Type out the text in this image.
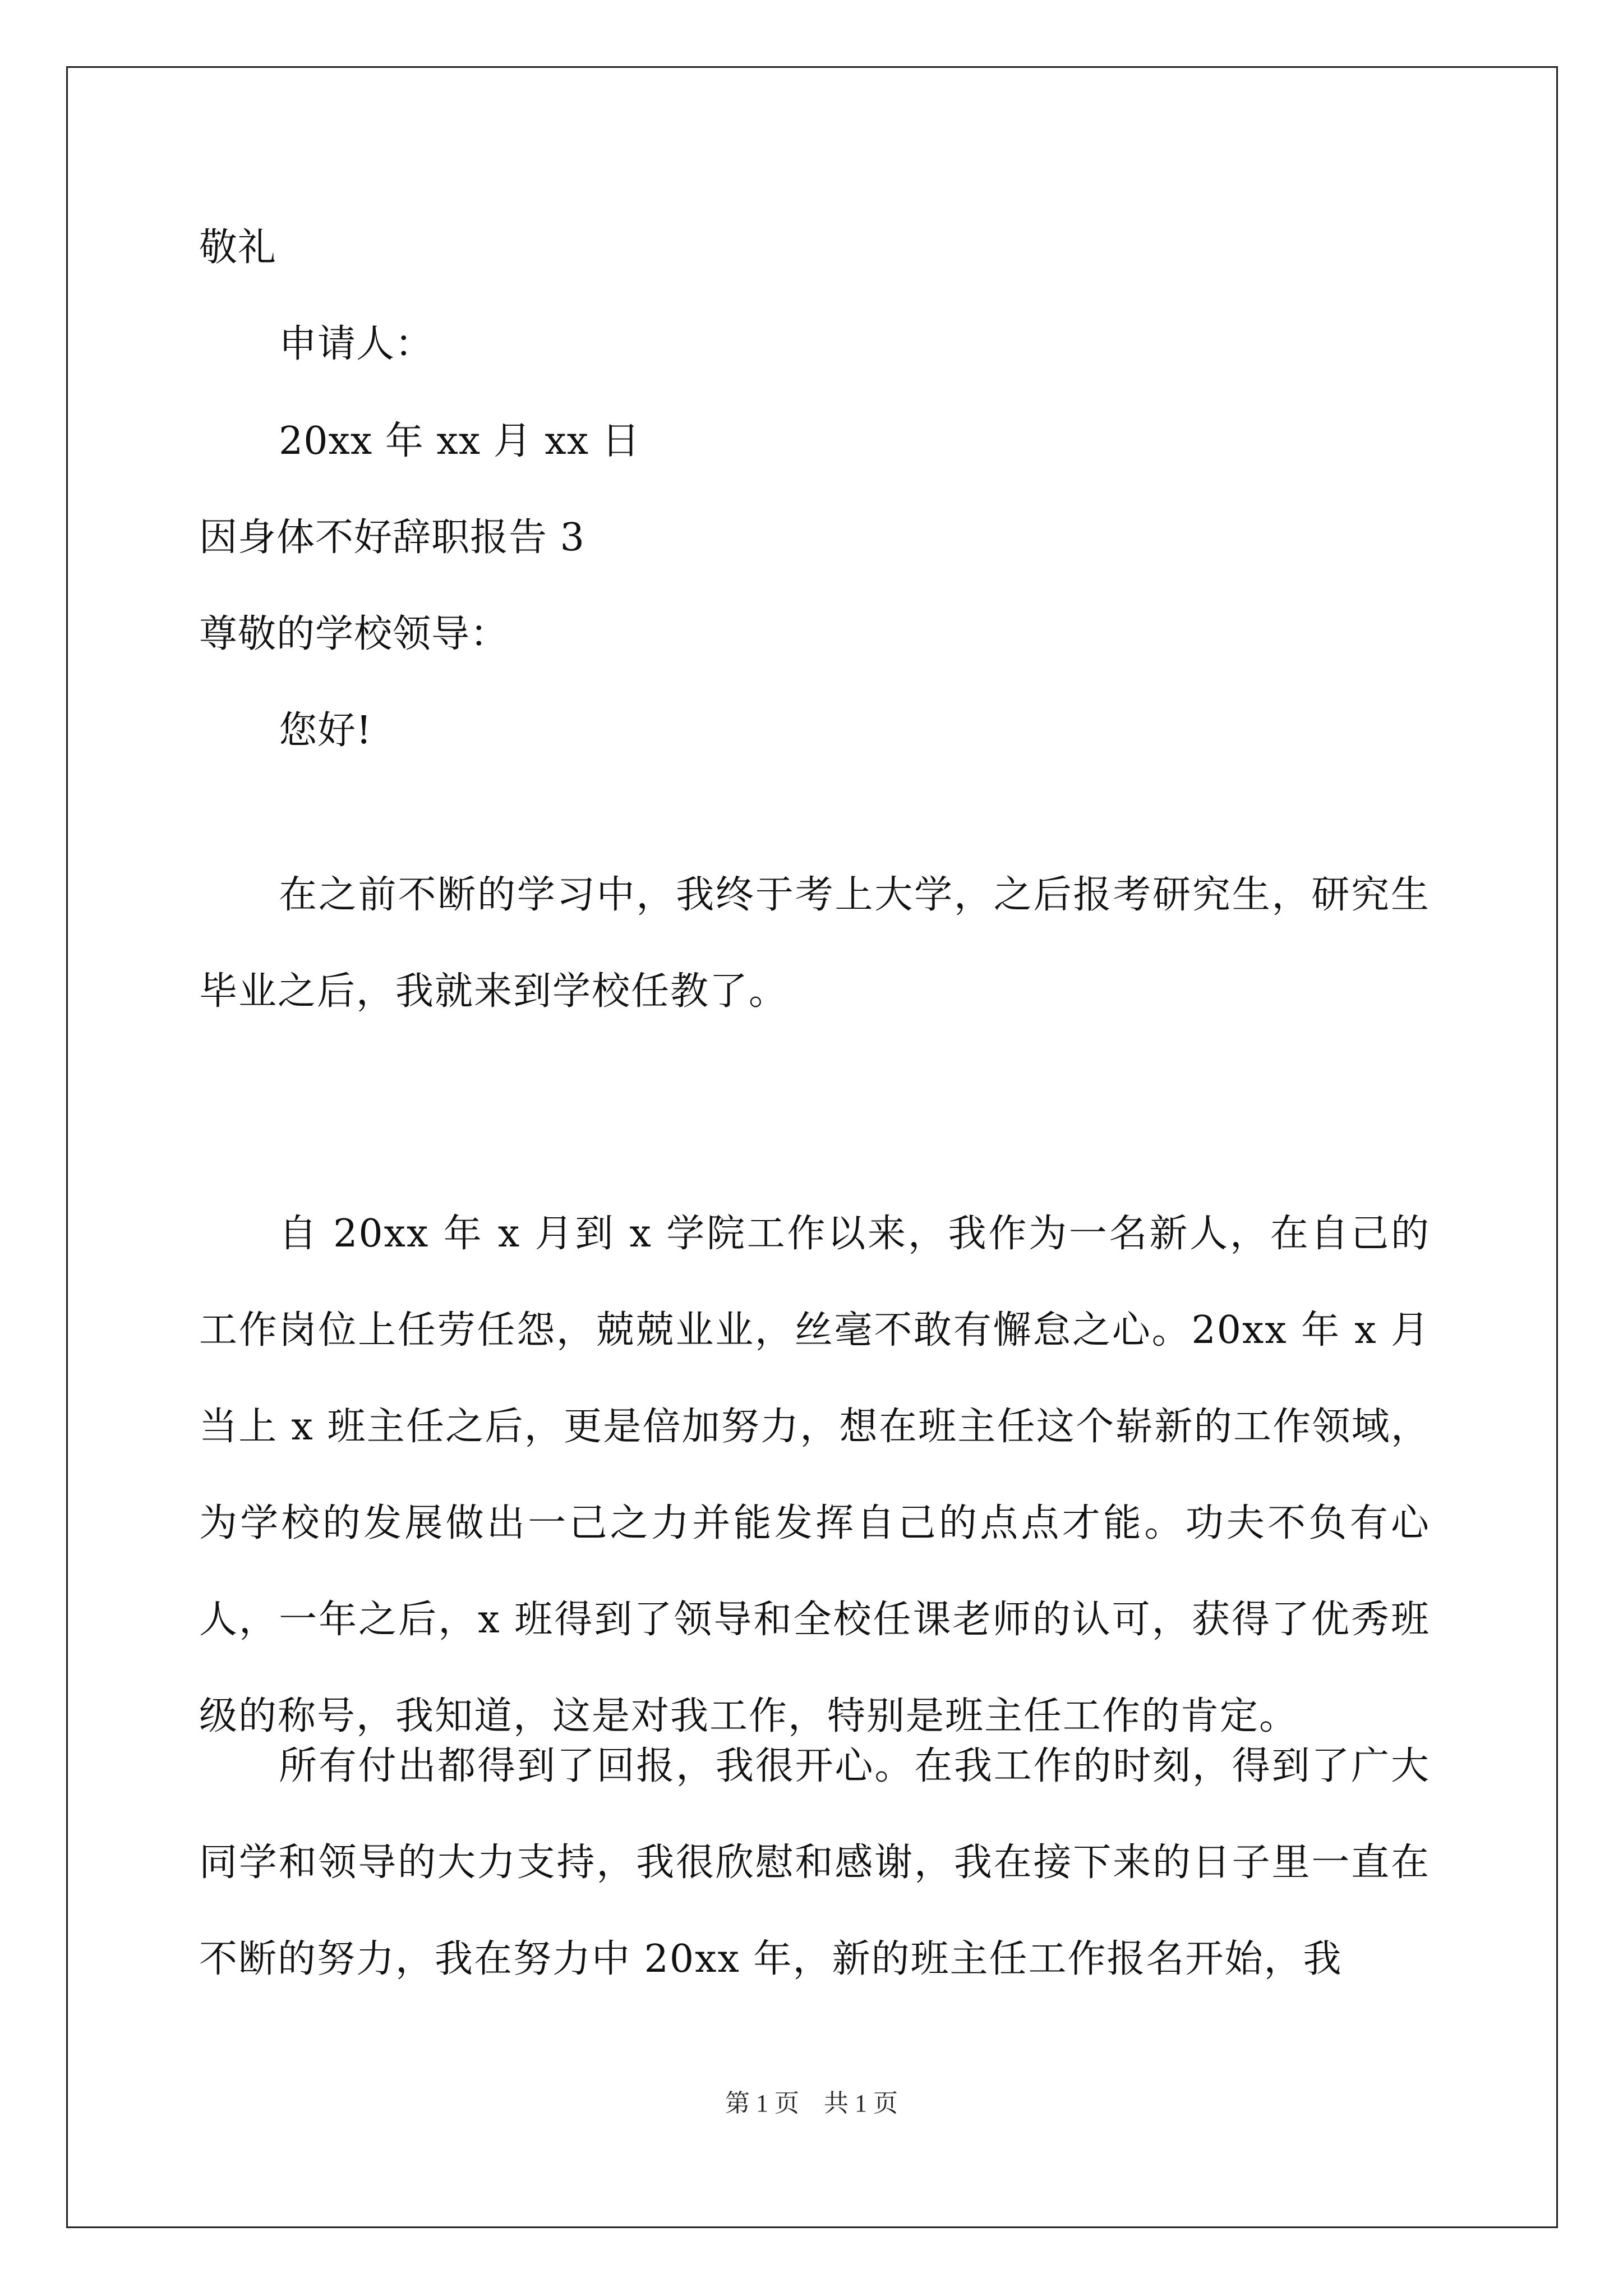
敬礼
申请人：
20xx 年 xx 月 xx 日
因身体不好辞职报告 3
尊敬的学校领导：
您好!
在之前不断的学习中，我终于考上大学，之后报考研究生，研究生毕业之后，我就来到学校任教了。
自 20xx 年 x 月到 x 学院工作以来，我作为一名新人，在自己的工作岗位上任劳任怨，兢兢业业，丝毫不敢有懈怠之心。20xx 年 x 月当上 x 班主任之后，更是倍加努力，想在班主任这个崭新的工作领域，为学校的发展做出一己之力并能发挥自己的点点才能。功夫不负有心人，一年之后，x 班得到了领导和全校任课老师的认可，获得了优秀班级的称号，我知道，这是对我工作，特别是班主任工作的肯定。
所有付出都得到了回报，我很开心。在我工作的时刻，得到了广大同学和领导的大力支持，我很欣慰和感谢，我在接下来的日子里一直在不断的努力，我在努力中 20xx 年，新的班主任工作报名开始，我
第 1 页　共 1 页
